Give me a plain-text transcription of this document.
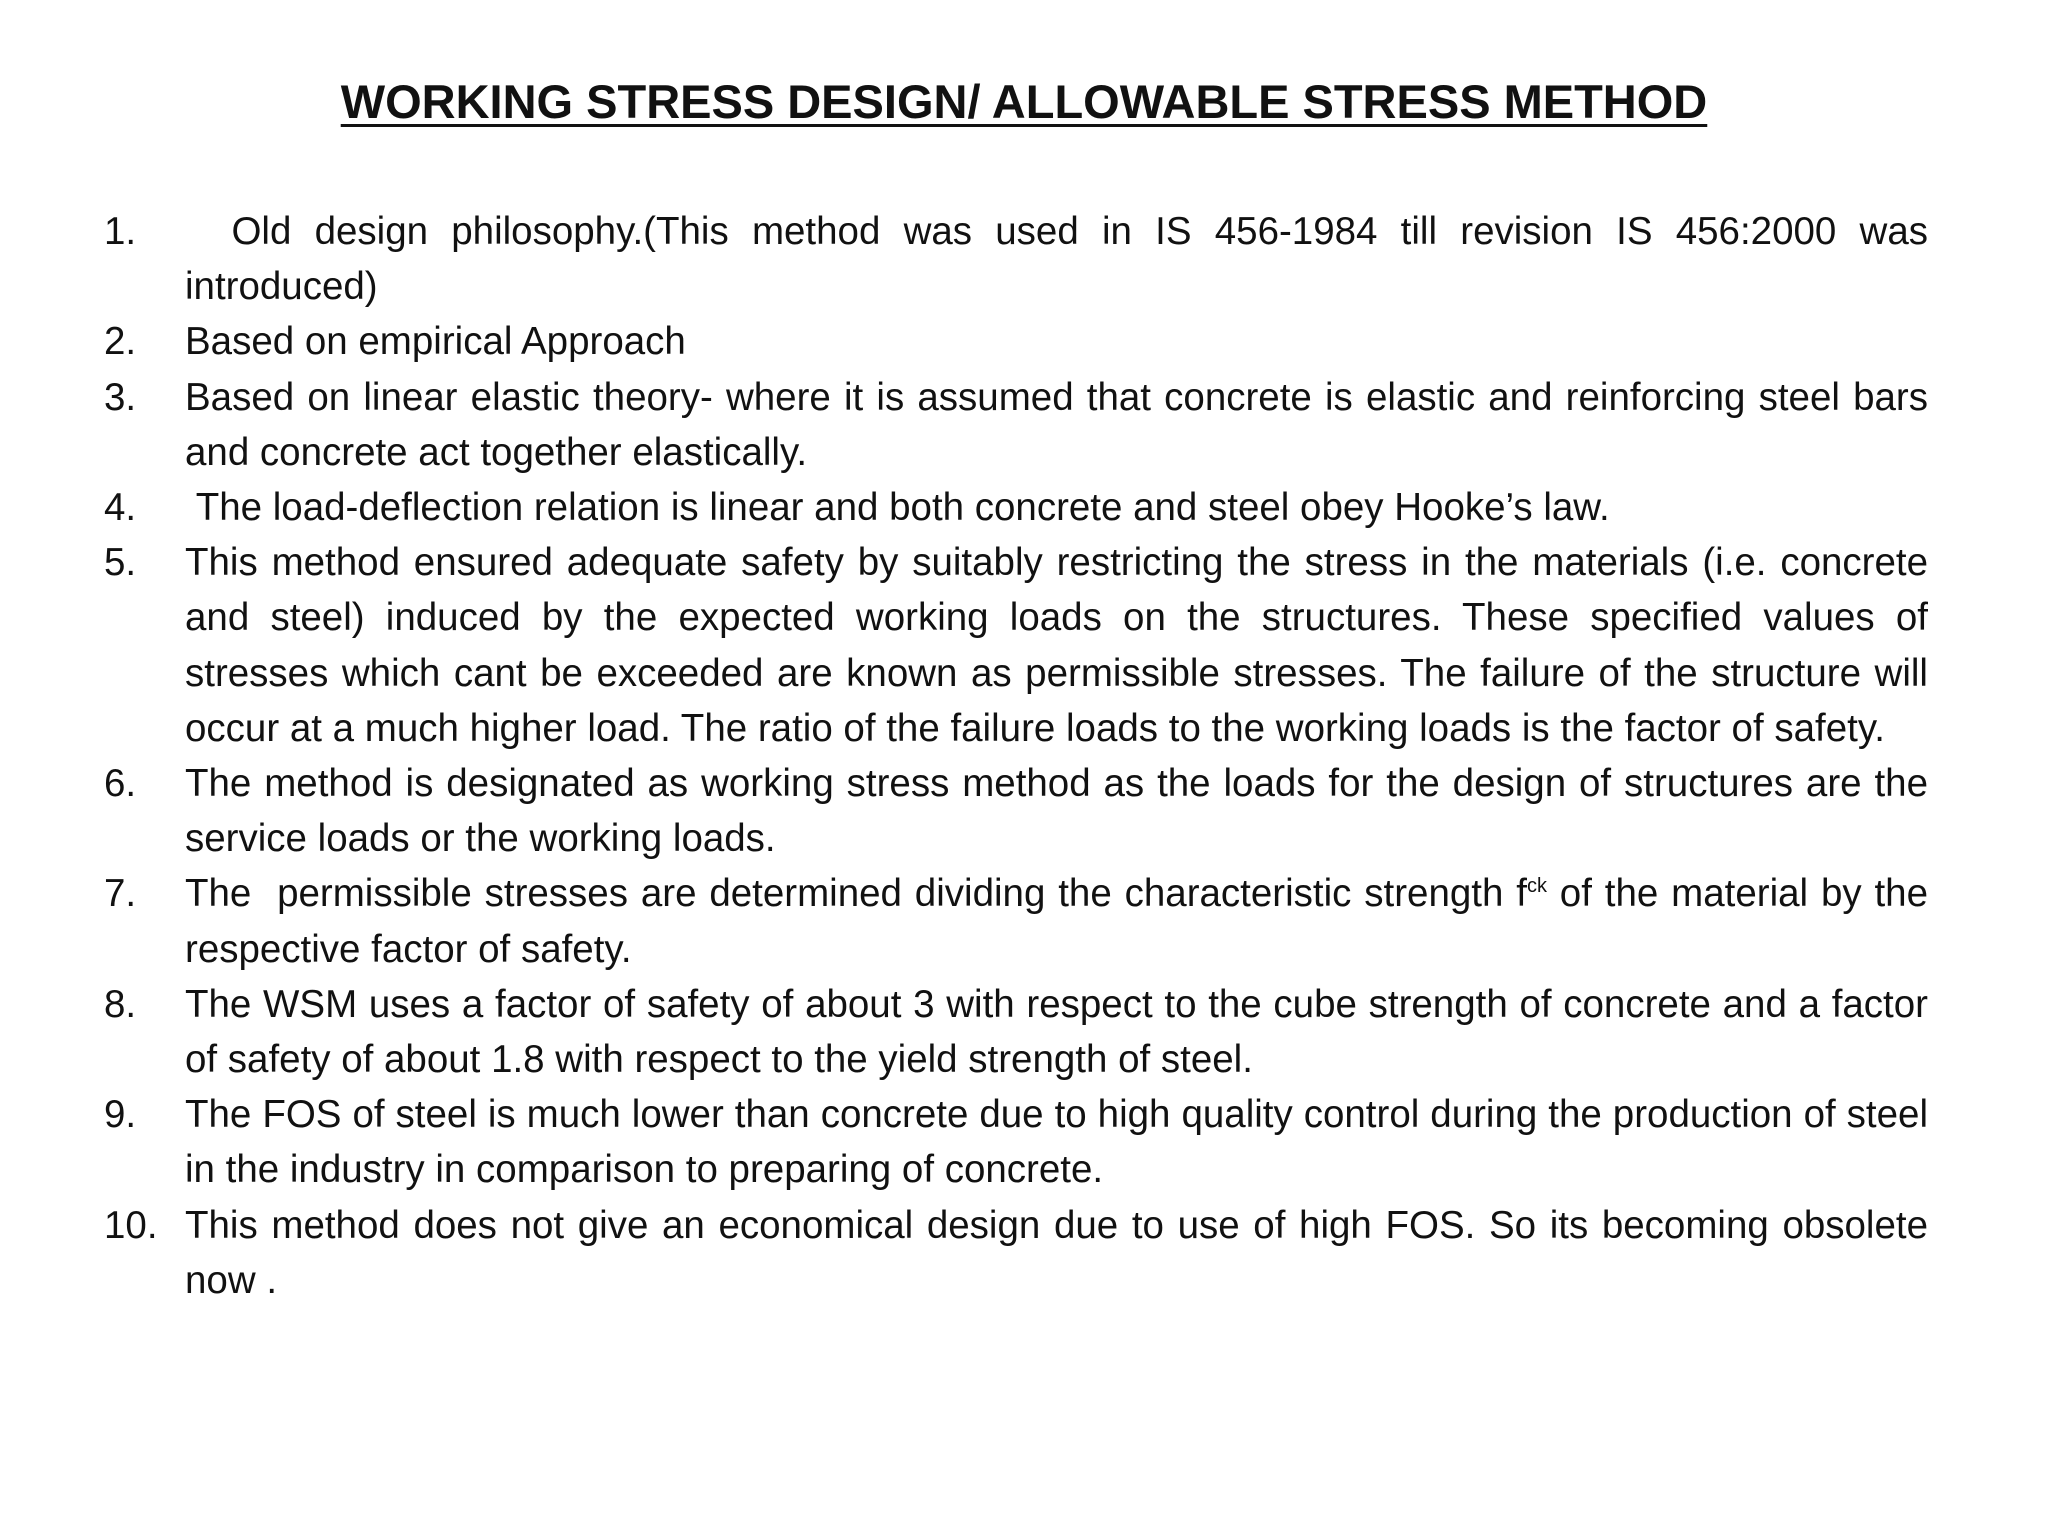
WORKING STRESS DESIGN/ ALLOWABLE STRESS METHOD
1.	Old design philosophy.(This method was used in IS 456-1984 till revision IS 456:2000 was introduced)
2.	Based on empirical Approach
3.	Based on linear elastic theory- where it is assumed that concrete is elastic and reinforcing steel bars and concrete act together elastically.
4.	The load-deflection relation is linear and both concrete and steel obey Hooke’s law.
5.	This method ensured adequate safety by suitably restricting the stress in the materials (i.e. concrete and steel) induced by the expected working loads on the structures. These specified values of stresses which cant be exceeded are known as permissible stresses. The failure of the structure will occur at a much higher load. The ratio of the failure loads to the working loads is the factor of safety.
6.	The method is designated as working stress method as the loads for the design of structures are the service loads or the working loads.
7.	The  permissible stresses are determined dividing the characteristic strength $f^{ck}$ of the material by the respective factor of safety.
8.	The WSM uses a factor of safety of about 3 with respect to the cube strength of concrete and a factor of safety of about 1.8 with respect to the yield strength of steel.
9.	The FOS of steel is much lower than concrete due to high quality control during the production of steel in the industry in comparison to preparing of concrete.
10. This method does not give an economical design due to use of high FOS. So its becoming obsolete now .
